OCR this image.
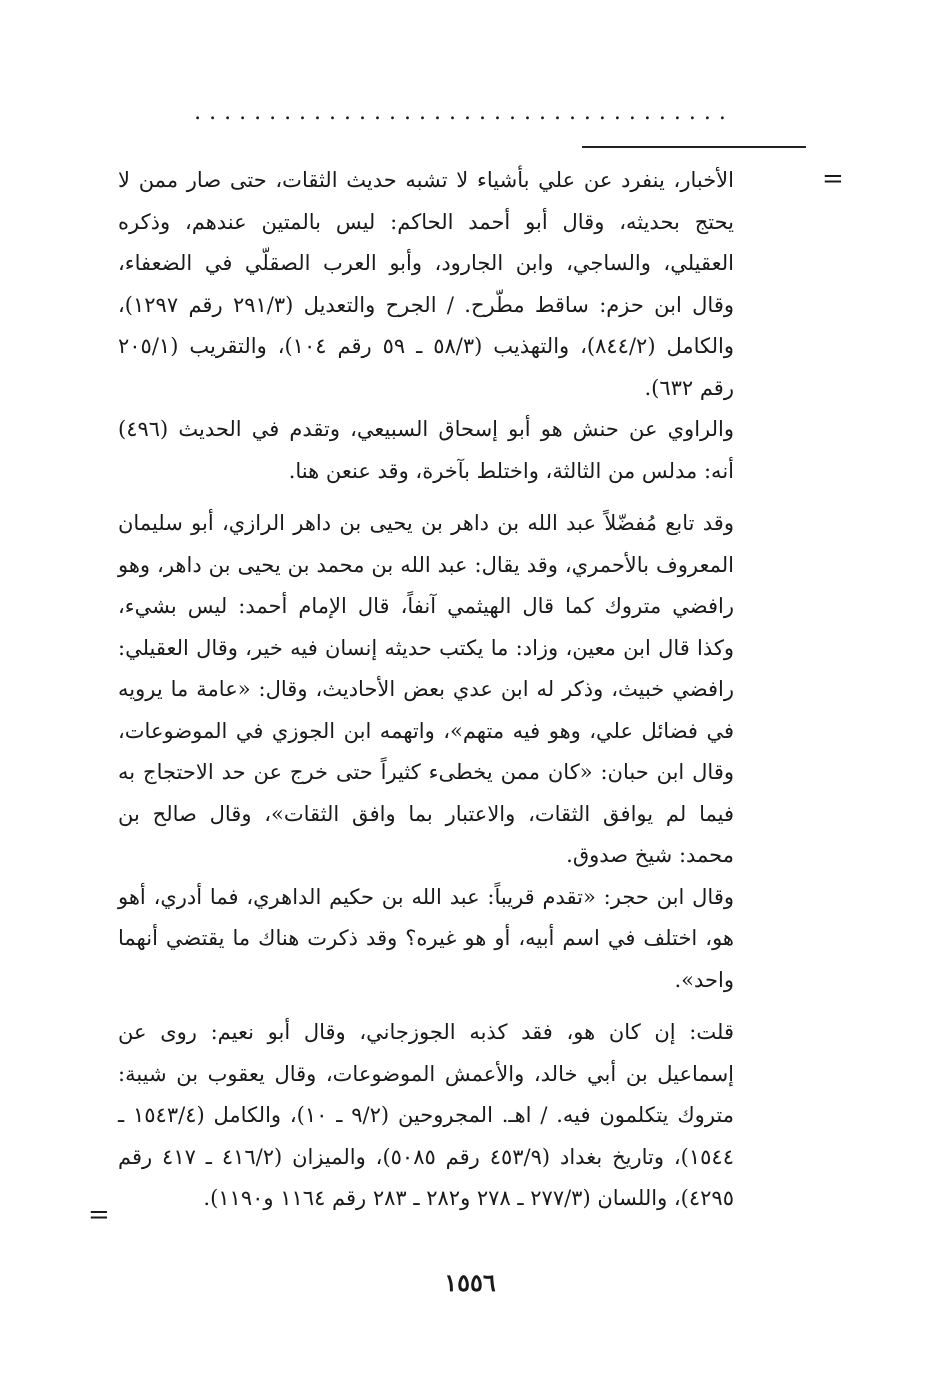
....................................
=

الأخبار، ينفرد عن علي بأشياء لا تشبه حديث الثقات، حتى صار ممن لا يحتج بحديثه، وقال أبو أحمد الحاكم: ليس بالمتين عندهم، وذكره العقيلي، والساجي، وابن الجارود، وأبو العرب الصقلّي في الضعفاء، وقال ابن حزم: ساقط مطّرح. / الجرح والتعديل (٢٩١/٣ رقم ١٢٩٧)، والكامل (٨٤٤/٢)، والتهذيب (٥٨/٣ ـ ٥٩ رقم ١٠٤)، والتقريب (٢٠٥/١ رقم ٦٣٢).

والراوي عن حنش هو أبو إسحاق السبيعي، وتقدم في الحديث (٤٩٦) أنه: مدلس من الثالثة، واختلط بآخرة، وقد عنعن هنا.

وقد تابع مُفضّلاً عبد الله بن داهر بن يحيى بن داهر الرازي، أبو سليمان المعروف بالأحمري، وقد يقال: عبد الله بن محمد بن يحيى بن داهر، وهو رافضي متروك كما قال الهيثمي آنفاً، قال الإمام أحمد: ليس بشيء، وكذا قال ابن معين، وزاد: ما يكتب حديثه إنسان فيه خير، وقال العقيلي: رافضي خبيث، وذكر له ابن عدي بعض الأحاديث، وقال: «عامة ما يرويه في فضائل علي، وهو فيه متهم»، واتهمه ابن الجوزي في الموضوعات، وقال ابن حبان: «كان ممن يخطىء كثيراً حتى خرج عن حد الاحتجاج به فيما لم يوافق الثقات، والاعتبار بما وافق الثقات»، وقال صالح بن محمد: شيخ صدوق.

وقال ابن حجر: «تقدم قريباً: عبد الله بن حكيم الداهري، فما أدري، أهو هو، اختلف في اسم أبيه، أو هو غيره؟ وقد ذكرت هناك ما يقتضي أنهما واحد».

قلت: إن كان هو، فقد كذبه الجوزجاني، وقال أبو نعيم: روى عن إسماعيل بن أبي خالد، والأعمش الموضوعات، وقال يعقوب بن شيبة: متروك يتكلمون فيه. / اهـ. المجروحين (٩/٢ ـ ١٠)، والكامل (١٥٤٣/٤ ـ ١٥٤٤)، وتاريخ بغداد (٤٥٣/٩ رقم ٥٠٨٥)، والميزان (٤١٦/٢ ـ ٤١٧ رقم ٤٢٩٥)، واللسان (٢٧٧/٣ ـ ٢٧٨ و٢٨٢ ـ ٢٨٣ رقم ١١٦٤ و١١٩٠).

=
١٥٥٦
